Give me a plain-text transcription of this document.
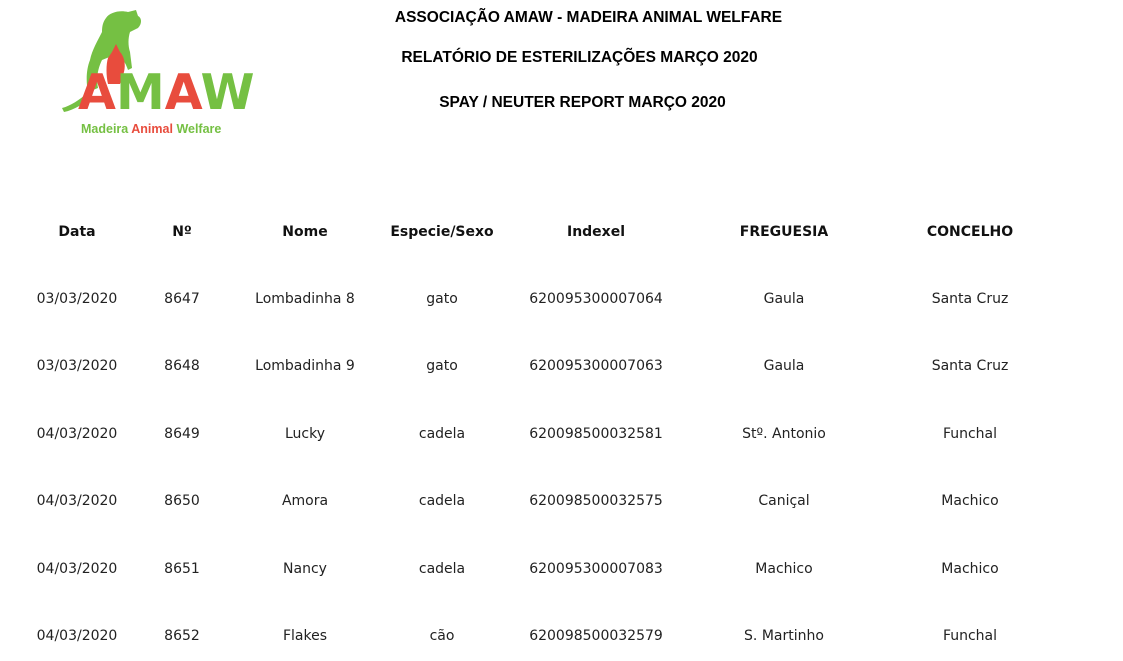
AMAW
Madeira Animal Welfare
ASSOCIAÇÃO AMAW - MADEIRA ANIMAL WELFARE
RELATÓRIO DE ESTERILIZAÇÕES MARÇO 2020
SPAY / NEUTER REPORT MARÇO 2020
Data	Nº	Nome	Especie/Sexo	Indexel	FREGUESIA	CONCELHO
03/03/2020	8647	Lombadinha 8	gato	620095300007064	Gaula	Santa Cruz
03/03/2020	8648	Lombadinha 9	gato	620095300007063	Gaula	Santa Cruz
04/03/2020	8649	Lucky	cadela	620098500032581	Stº. Antonio	Funchal
04/03/2020	8650	Amora	cadela	620098500032575	Caniçal	Machico
04/03/2020	8651	Nancy	cadela	620095300007083	Machico	Machico
04/03/2020	8652	Flakes	cão	620098500032579	S. Martinho	Funchal
